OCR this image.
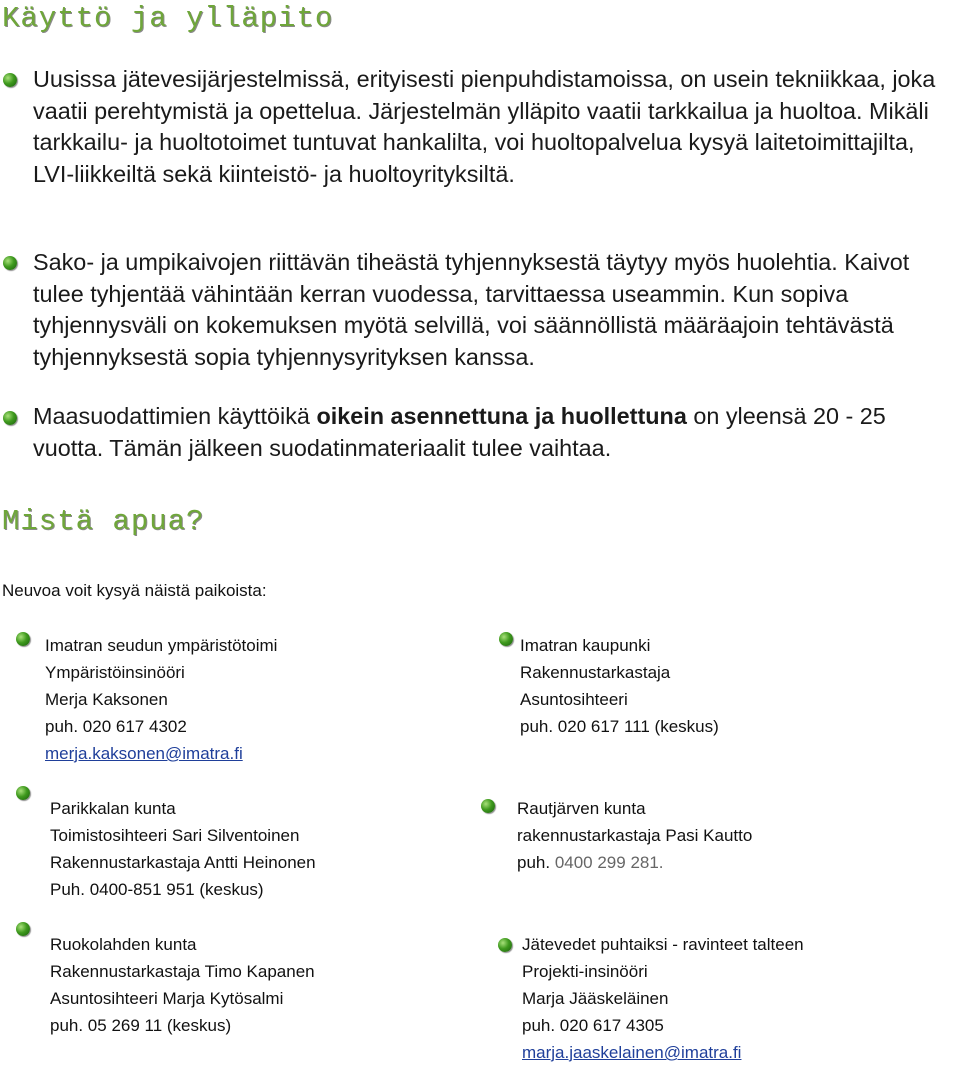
Käyttö ja ylläpito
Uusissa jätevesijärjestelmissä, erityisesti pienpuhdistamoissa, on usein tekniikkaa, joka vaatii perehtymistä ja opettelua. Järjestelmän ylläpito vaatii tarkkailua ja huoltoa. Mikäli tarkkailu- ja huoltotoimet tuntuvat hankalilta, voi huoltopalvelua kysyä laitetoimittajilta, LVI-liikkeiltä sekä kiinteistö- ja huoltoyrityksiltä.
Sako- ja umpikaivojen riittävän tiheästä tyhjennyksestä täytyy myös huolehtia. Kaivot tulee tyhjentää vähintään kerran vuodessa, tarvittaessa useammin. Kun sopiva tyhjennysväli on kokemuksen myötä selvillä, voi säännöllistä määräajoin tehtävästä tyhjennyksestä sopia tyhjennysyrityksen kanssa.
Maasuodattimien käyttöikä oikein asennettuna ja huollettuna on yleensä 20 - 25 vuotta. Tämän jälkeen suodatinmateriaalit tulee vaihtaa.
Mistä apua?
Neuvoa voit kysyä näistä paikoista:
Imatran seudun ympäristötoimi
Ympäristöinsinööri
Merja Kaksonen
puh. 020 617 4302
merja.kaksonen@imatra.fi
Imatran kaupunki
Rakennustarkastaja
Asuntosihteeri
puh. 020 617 111 (keskus)
Parikkalan kunta
Toimistosihteeri Sari Silventoinen
Rakennustarkastaja Antti Heinonen
Puh. 0400-851 951 (keskus)
Rautjärven kunta
rakennustarkastaja Pasi Kautto
puh. 0400 299 281.
Ruokolahden kunta
Rakennustarkastaja Timo Kapanen
Asuntosihteeri Marja Kytösalmi
puh. 05 269 11 (keskus)
Jätevedet puhtaiksi - ravinteet talteen
Projekti-insinööri
Marja Jääskeläinen
puh. 020 617 4305
marja.jaaskelainen@imatra.fi
